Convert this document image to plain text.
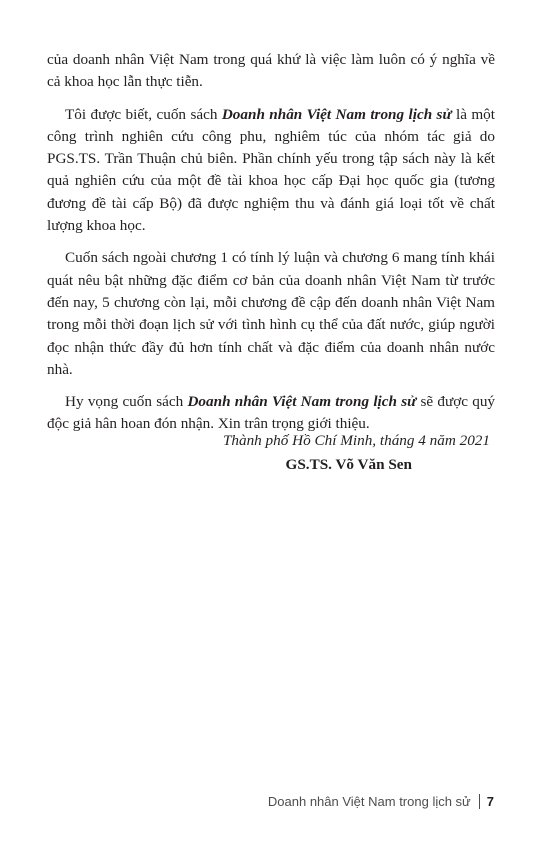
của doanh nhân Việt Nam trong quá khứ là việc làm luôn có ý nghĩa về cả khoa học lẫn thực tiễn.

Tôi được biết, cuốn sách Doanh nhân Việt Nam trong lịch sử là một công trình nghiên cứu công phu, nghiêm túc của nhóm tác giả do PGS.TS. Trần Thuận chủ biên. Phần chính yếu trong tập sách này là kết quả nghiên cứu của một đề tài khoa học cấp Đại học quốc gia (tương đương đề tài cấp Bộ) đã được nghiệm thu và đánh giá loại tốt về chất lượng khoa học.

Cuốn sách ngoài chương 1 có tính lý luận và chương 6 mang tính khái quát nêu bật những đặc điểm cơ bản của doanh nhân Việt Nam từ trước đến nay, 5 chương còn lại, mỗi chương đề cập đến doanh nhân Việt Nam trong mỗi thời đoạn lịch sử với tình hình cụ thể của đất nước, giúp người đọc nhận thức đầy đủ hơn tính chất và đặc điểm của doanh nhân nước nhà.

Hy vọng cuốn sách Doanh nhân Việt Nam trong lịch sử sẽ được quý độc giả hân hoan đón nhận. Xin trân trọng giới thiệu.

Thành phố Hồ Chí Minh, tháng 4 năm 2021
GS.TS. Võ Văn Sen
Doanh nhân Việt Nam trong lịch sử 7
